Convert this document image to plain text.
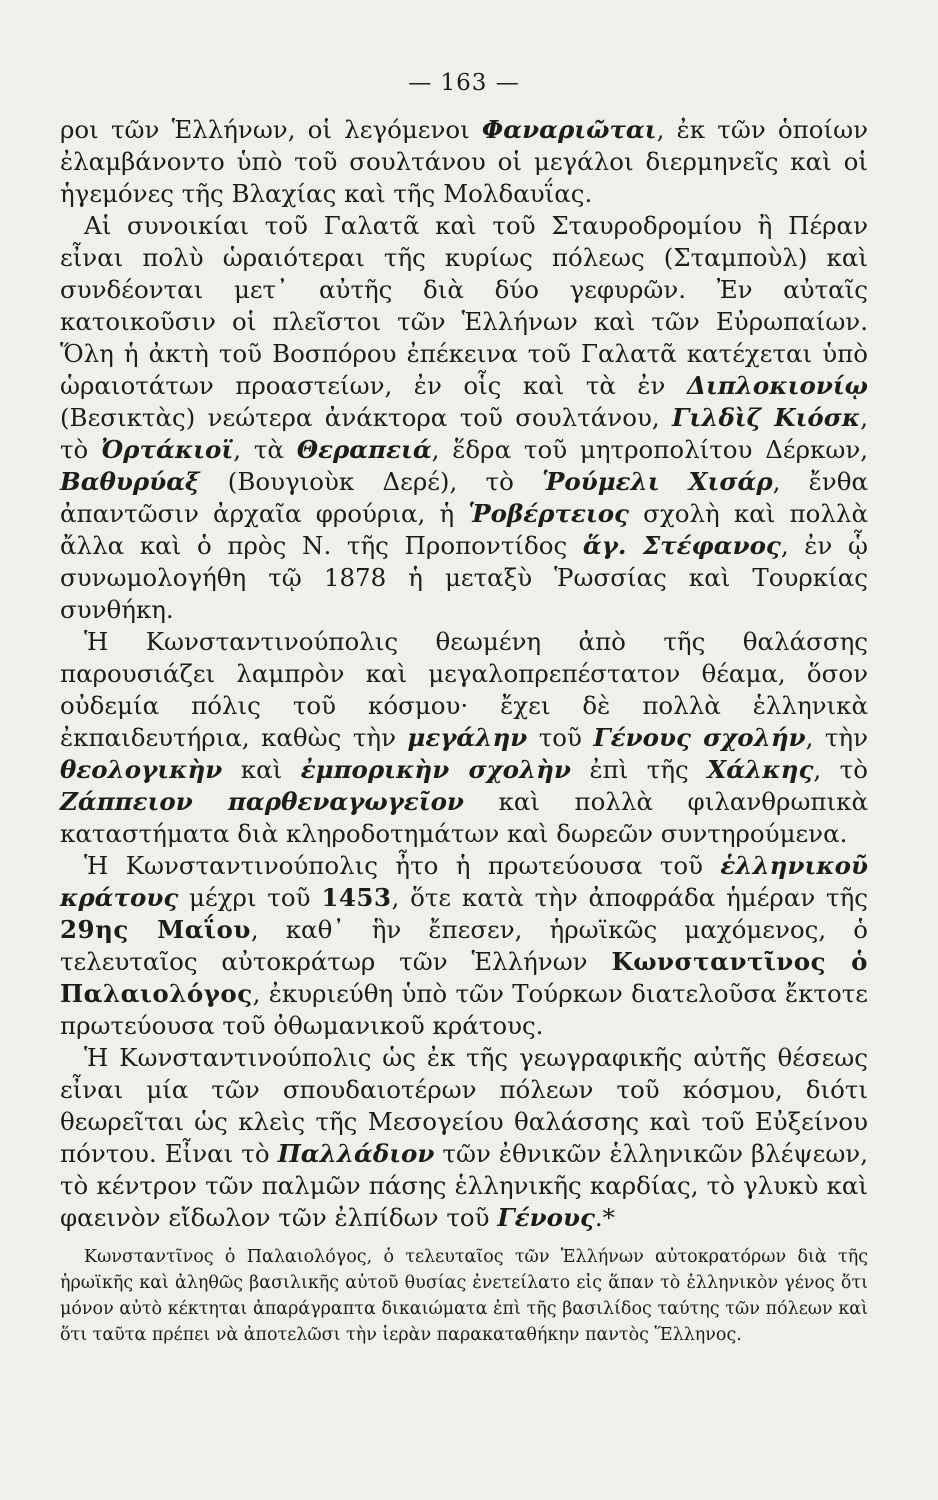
— 163 —

ροι τῶν Ἑλλήνων, οἱ λεγόμενοι Φαναριῶται, ἐκ τῶν ὁποίων ἐλαμβάνοντο ὑπὸ τοῦ σουλτάνου οἱ μεγάλοι διερμηνεῖς καὶ οἱ ἡγεμόνες τῆς Βλαχίας καὶ τῆς Μολδαυΐας.

Αἱ συνοικίαι τοῦ Γαλατᾶ καὶ τοῦ Σταυροδρομίου ἢ Πέραν εἶναι πολὺ ὡραιότεραι τῆς κυρίως πόλεως (Σταμποὺλ) καὶ συνδέονται μετ᾿ αὐτῆς διὰ δύο γεφυρῶν. Ἐν αὐταῖς κατοικοῦσιν οἱ πλεῖστοι τῶν Ἑλλήνων καὶ τῶν Εὐρωπαίων. Ὅλη ἡ ἀκτὴ τοῦ Βοσπόρου ἐπέκεινα τοῦ Γαλατᾶ κατέχεται ὑπὸ ὡραιοτάτων προαστείων, ἐν οἷς καὶ τὰ ἐν Διπλοκιονίῳ (Βεσικτὰς) νεώτερα ἀνάκτορα τοῦ σουλτάνου, Γιλδὶζ Κιόσκ, τὸ Ὀρτάκιοϊ, τὰ Θεραπειά, ἕδρα τοῦ μητροπολίτου Δέρκων, Βαθυρύαξ (Βουγιοὺκ Δερέ), τὸ Ῥούμελι Χισάρ, ἔνθα ἀπαντῶσιν ἀρχαῖα φρούρια, ἡ Ῥοβέρτειος σχολὴ καὶ πολλὰ ἄλλα καὶ ὁ πρὸς Ν. τῆς Προποντίδος ἅγ. Στέφανος, ἐν ᾧ συνωμολογήθη τῷ 1878 ἡ μεταξὺ Ῥωσσίας καὶ Τουρκίας συνθήκη.

Ἡ Κωνσταντινούπολις θεωμένη ἀπὸ τῆς θαλάσσης παρουσιάζει λαμπρὸν καὶ μεγαλοπρεπέστατον θέαμα, ὅσον οὐδεμία πόλις τοῦ κόσμου· ἔχει δὲ πολλὰ ἑλληνικὰ ἐκπαιδευτήρια, καθὼς τὴν μεγάλην τοῦ Γένους σχολήν, τὴν θεολογικὴν καὶ ἐμπορικὴν σχολὴν ἐπὶ τῆς Χάλκης, τὸ Ζάππειον παρθεναγωγεῖον καὶ πολλὰ φιλανθρωπικὰ καταστήματα διὰ κληροδοτημάτων καὶ δωρεῶν συντηρούμενα.

Ἡ Κωνσταντινούπολις ἦτο ἡ πρωτεύουσα τοῦ ἑλληνικοῦ κράτους μέχρι τοῦ 1453, ὅτε κατὰ τὴν ἀποφράδα ἡμέραν τῆς 29ης Μαΐου, καθ᾿ ἣν ἔπεσεν, ἡρωϊκῶς μαχόμενος, ὁ τελευταῖος αὐτοκράτωρ τῶν Ἑλλήνων Κωνσταντῖνος ὁ Παλαιολόγος, ἐκυριεύθη ὑπὸ τῶν Τούρκων διατελοῦσα ἔκτοτε πρωτεύουσα τοῦ ὀθωμανικοῦ κράτους.

Ἡ Κωνσταντινούπολις ὡς ἐκ τῆς γεωγραφικῆς αὐτῆς θέσεως εἶναι μία τῶν σπουδαιοτέρων πόλεων τοῦ κόσμου, διότι θεωρεῖται ὡς κλεὶς τῆς Μεσογείου θαλάσσης καὶ τοῦ Εὐξείνου πόντου. Εἶναι τὸ Παλλάδιον τῶν ἐθνικῶν ἑλληνικῶν βλέψεων, τὸ κέντρον τῶν παλμῶν πάσης ἑλληνικῆς καρδίας, τὸ γλυκὺ καὶ φαεινὸν εἴδωλον τῶν ἐλπίδων τοῦ Γένους.*

Κωνσταντῖνος ὁ Παλαιολόγος, ὁ τελευταῖος τῶν Ἑλλήνων αὐτοκρατόρων διὰ τῆς ἡρωϊκῆς καὶ ἀληθῶς βασιλικῆς αὐτοῦ θυσίας ἐνετείλατο εἰς ἅπαν τὸ ἑλληνικὸν γένος ὅτι μόνον αὐτὸ κέκτηται ἀπαράγραπτα δικαιώματα ἐπὶ τῆς βασιλίδος ταύτης τῶν πόλεων καὶ ὅτι ταῦτα πρέπει νὰ ἀποτελῶσι τὴν ἱερὰν παρακαταθήκην παντὸς Ἕλληνος.
